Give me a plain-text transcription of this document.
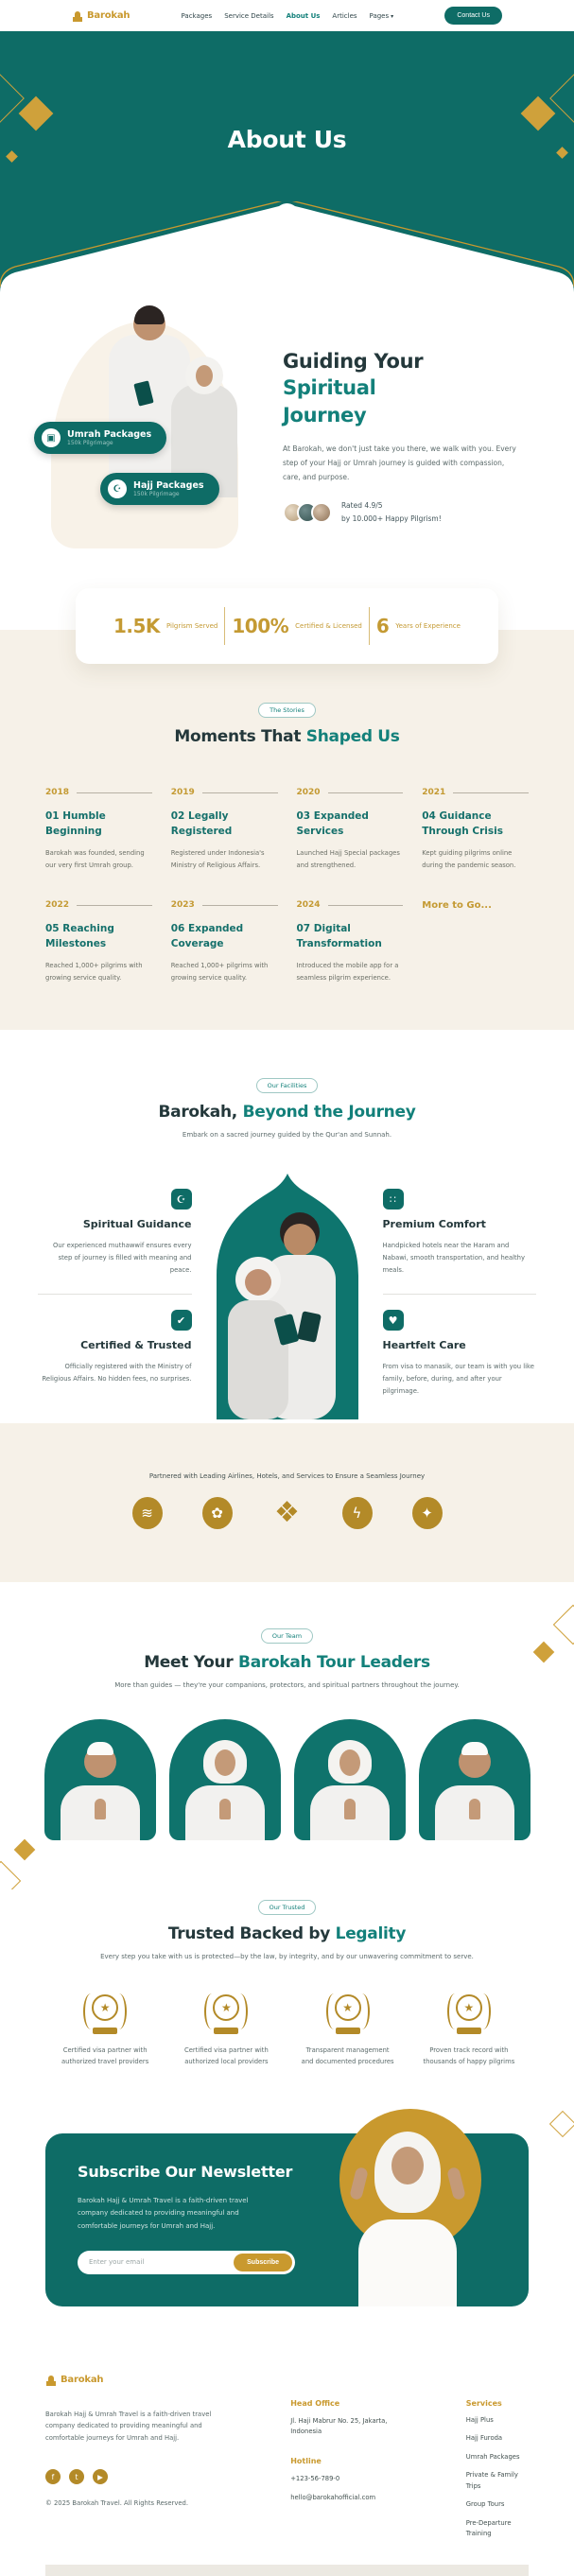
Barokah	Packages Service Details About Us Articles Pages ▾	Contact Us
About Us
▣	Umrah Packages
150k Pilgrimage
☪	Hajj Packages
150k Pilgrimage
Guiding Your
Spiritual
Journey
At Barokah, we don't just take you there, we walk with you. Every step of your Hajj or Umrah journey is guided with compassion, care, and purpose.
Rated 4.9/5
by 10.000+ Happy Pilgrism!
1.5K Pilgrism Served 100% Certified & Licensed 6 Years of Experience
The Stories
Moments That Shaped Us
2018
01 Humble Beginning
Barokah was founded, sending our very first Umrah group.
2019
02 Legally Registered
Registered under Indonesia's Ministry of Religious Affairs.
2020
03 Expanded Services
Launched Hajj Special packages and strengthened.
2021
04 Guidance Through Crisis
Kept guiding pilgrims online during the pandemic season.
2022
05 Reaching Milestones
Reached 1,000+ pilgrims with growing service quality.
2023
06 Expanded Coverage
Reached 1,000+ pilgrims with growing service quality.
2024
07 Digital Transformation
Introduced the mobile app for a seamless pilgrim experience.
More to Go...
Our Facilities
Barokah, Beyond the Journey
Embark on a sacred journey guided by the Qur'an and Sunnah.
☪
Spiritual Guidance
Our experienced muthawwif ensures every step of journey is filled with meaning and peace.
✔
Certified & Trusted
Officially registered with the Ministry of Religious Affairs. No hidden fees, no surprises.
∷
Premium Comfort
Handpicked hotels near the Haram and Nabawi, smooth transportation, and healthy meals.
♥
Heartfelt Care
From visa to manasik, our team is with you like family, before, during, and after your pilgrimage.
Partnered with Leading Airlines, Hotels, and Services to Ensure a Seamless Journey
≋	✿	❖	ϟ	✦
Our Team
Meet Your Barokah Tour Leaders
More than guides — they're your companions, protectors, and spiritual partners throughout the journey.
Our Trusted
Trusted Backed by Legality
Every step you take with us is protected—by the law, by integrity, and by our unwavering commitment to serve.
★
Certified visa partner with authorized travel providers
★
Certified visa partner with authorized local providers
★
Transparent management and documented procedures
★
Proven track record with thousands of happy pilgrims
Subscribe Our Newsletter
Barokah Hajj & Umrah Travel is a faith-driven travel company dedicated to providing meaningful and comfortable journeys for Umrah and Hajj.
Enter your email
Subscribe
Barokah
Barokah Hajj & Umrah Travel is a faith-driven travel company dedicated to providing meaningful and comfortable journeys for Umrah and Hajj.
f	t	▶
© 2025 Barokah Travel. All Rights Reserved.
Head Office
Jl. Haji Mabrur No. 25, Jakarta, Indonesia
Hotline
+123-56-789-0
hello@barokahofficial.com
Services
Hajj Plus
Hajj Furoda
Umrah Packages
Private & Family Trips
Group Tours
Pre-Departure Training
